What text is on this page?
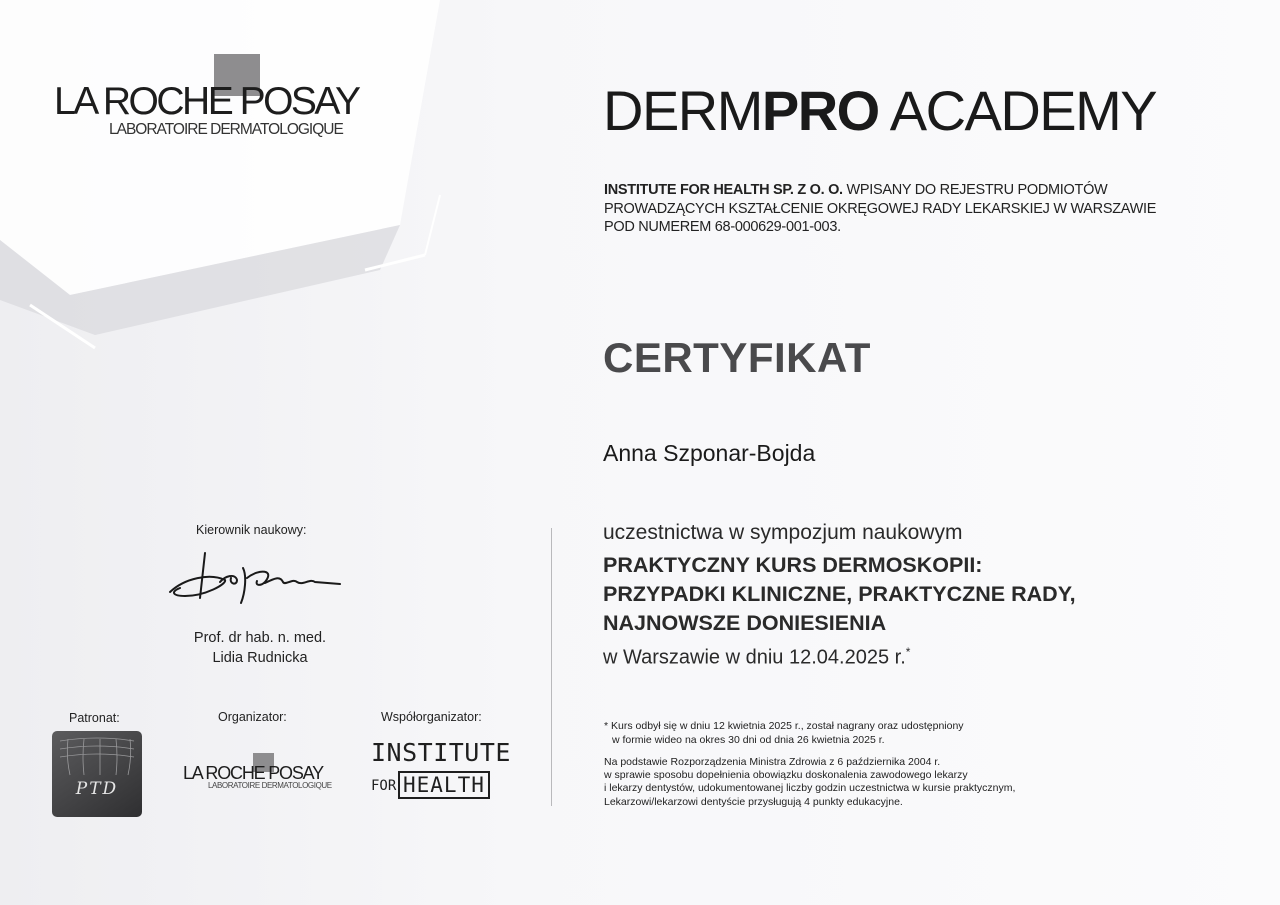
LA ROCHE POSAY
LABORATOIRE DERMATOLOGIQUE	DERMPRO ACADEMY
INSTITUTE FOR HEALTH SP. Z O. O. WPISANY DO REJESTRU PODMIOTÓW
PROWADZĄCYCH KSZTAŁCENIE OKRĘGOWEJ RADY LEKARSKIEJ W WARSZAWIE
POD NUMEREM 68-000629-001-003.
CERTYFIKAT
Anna Szponar-Bojda
uczestnictwa w sympozjum naukowym
PRAKTYCZNY KURS DERMOSKOPII:
PRZYPADKI KLINICZNE, PRAKTYCZNE RADY,
NAJNOWSZE DONIESIENIA
w Warszawie w dniu 12.04.2025 r.*
* Kurs odbył się w dniu 12 kwietnia 2025 r., został nagrany oraz udostępniony
w formie wideo na okres 30 dni od dnia 26 kwietnia 2025 r.
Na podstawie Rozporządzenia Ministra Zdrowia z 6 października 2004 r.
w sprawie sposobu dopełnienia obowiązku doskonalenia zawodowego lekarzy
i lekarzy dentystów, udokumentowanej liczby godzin uczestnictwa w kursie praktycznym,
Lekarzowi/lekarzowi dentyście przysługują 4 punkty edukacyjne.
Kierownik naukowy:
Prof. dr hab. n. med.
Lidia Rudnicka
Patronat:	Organizator:	Współorganizator:
PTD
LA ROCHE POSAY
LABORATOIRE DERMATOLOGIQUE
INSTITUTE
FOR HEALTH
